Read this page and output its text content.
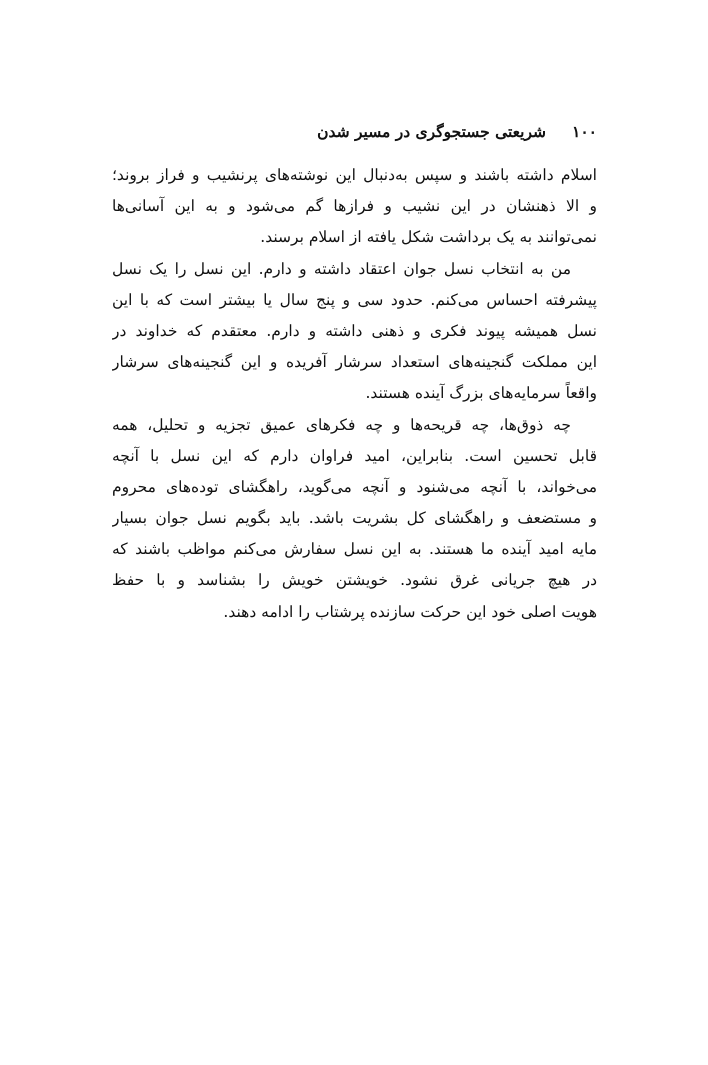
۱۰۰
شریعتی جستجوگری در مسیر شدن
اسلام داشته باشند و سپس به‌دنبال این نوشته‌های پرنشیب و فراز بروند؛
و الا ذهنشان در این نشیب و فرازها گم می‌شود و به این آسانی‌ها
نمی‌توانند به یک برداشت شکل یافته از اسلام برسند.
من به انتخاب نسل جوان اعتقاد داشته و دارم. این نسل را یک نسل
پیشرفته احساس می‌کنم. حدود سی و پنج سال یا بیشتر است که با این
نسل همیشه پیوند فکری و ذهنی داشته و دارم. معتقدم که خداوند در
این مملکت گنجینه‌های استعداد سرشار آفریده و این گنجینه‌های سرشار
واقعاً سرمایه‌های بزرگ آینده هستند.
چه ذوق‌ها، چه قریحه‌ها و چه فکرهای عمیق تجزیه و تحلیل، همه
قابل تحسین است. بنابراین، امید فراوان دارم که این نسل با آنچه
می‌خواند، با آنچه می‌شنود و آنچه می‌گوید، راهگشای توده‌های محروم
و مستضعف و راهگشای کل بشریت باشد. باید بگویم نسل جوان بسیار
مایه امید آینده ما هستند. به این نسل سفارش می‌کنم مواظب باشند که
در هیچ جریانی غرق نشود. خویشتن خویش را بشناسد و با حفظ
هویت اصلی خود این حرکت سازنده پرشتاب را ادامه دهند.
